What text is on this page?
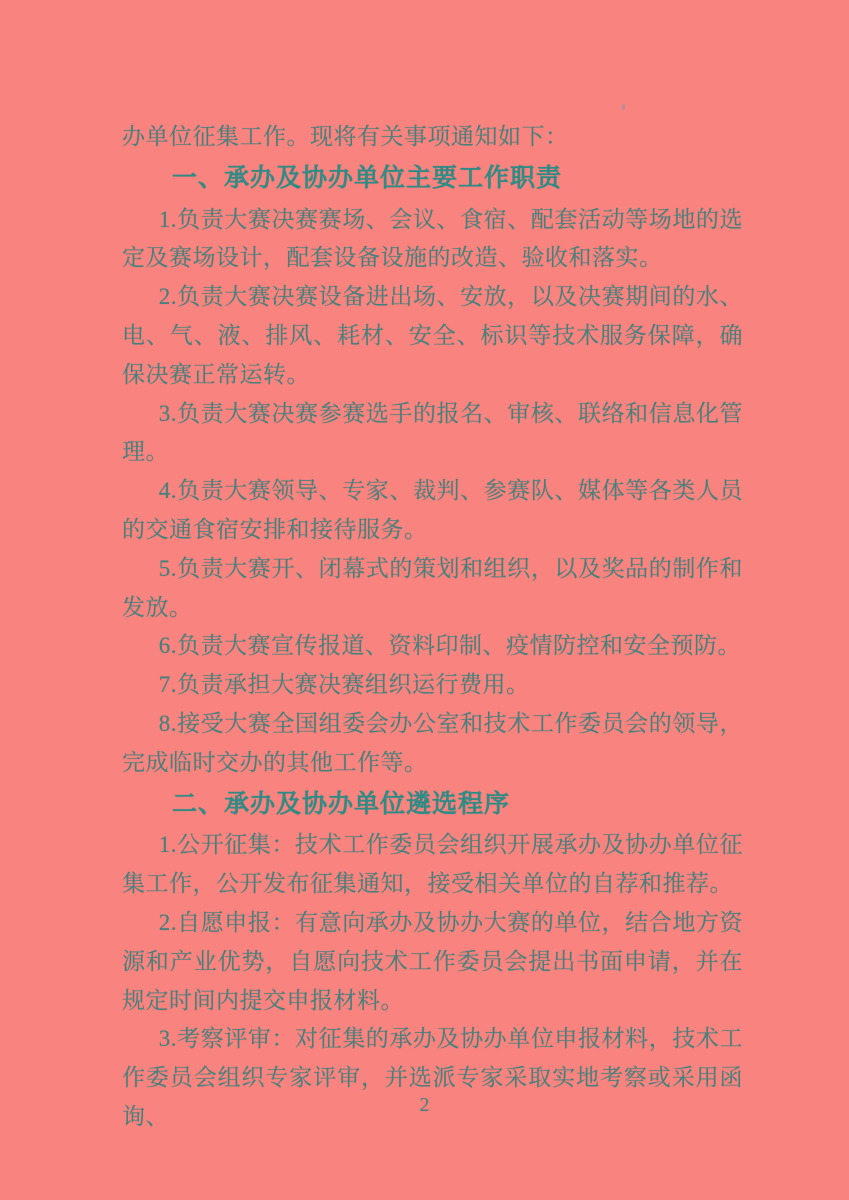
办单位征集工作。现将有关事项通知如下：

一、承办及协办单位主要工作职责

1.负责大赛决赛赛场、会议、食宿、配套活动等场地的选定及赛场设计，配套设备设施的改造、验收和落实。

2.负责大赛决赛设备进出场、安放，以及决赛期间的水、电、气、液、排风、耗材、安全、标识等技术服务保障，确保决赛正常运转。

3.负责大赛决赛参赛选手的报名、审核、联络和信息化管理。

4.负责大赛领导、专家、裁判、参赛队、媒体等各类人员的交通食宿安排和接待服务。

5.负责大赛开、闭幕式的策划和组织，以及奖品的制作和发放。

6.负责大赛宣传报道、资料印制、疫情防控和安全预防。

7.负责承担大赛决赛组织运行费用。

8.接受大赛全国组委会办公室和技术工作委员会的领导，完成临时交办的其他工作等。

二、承办及协办单位遴选程序

1.公开征集：技术工作委员会组织开展承办及协办单位征集工作，公开发布征集通知，接受相关单位的自荐和推荐。

2.自愿申报：有意向承办及协办大赛的单位，结合地方资源和产业优势，自愿向技术工作委员会提出书面申请，并在规定时间内提交申报材料。

3.考察评审：对征集的承办及协办单位申报材料，技术工作委员会组织专家评审，并选派专家采取实地考察或采用函询、	2
